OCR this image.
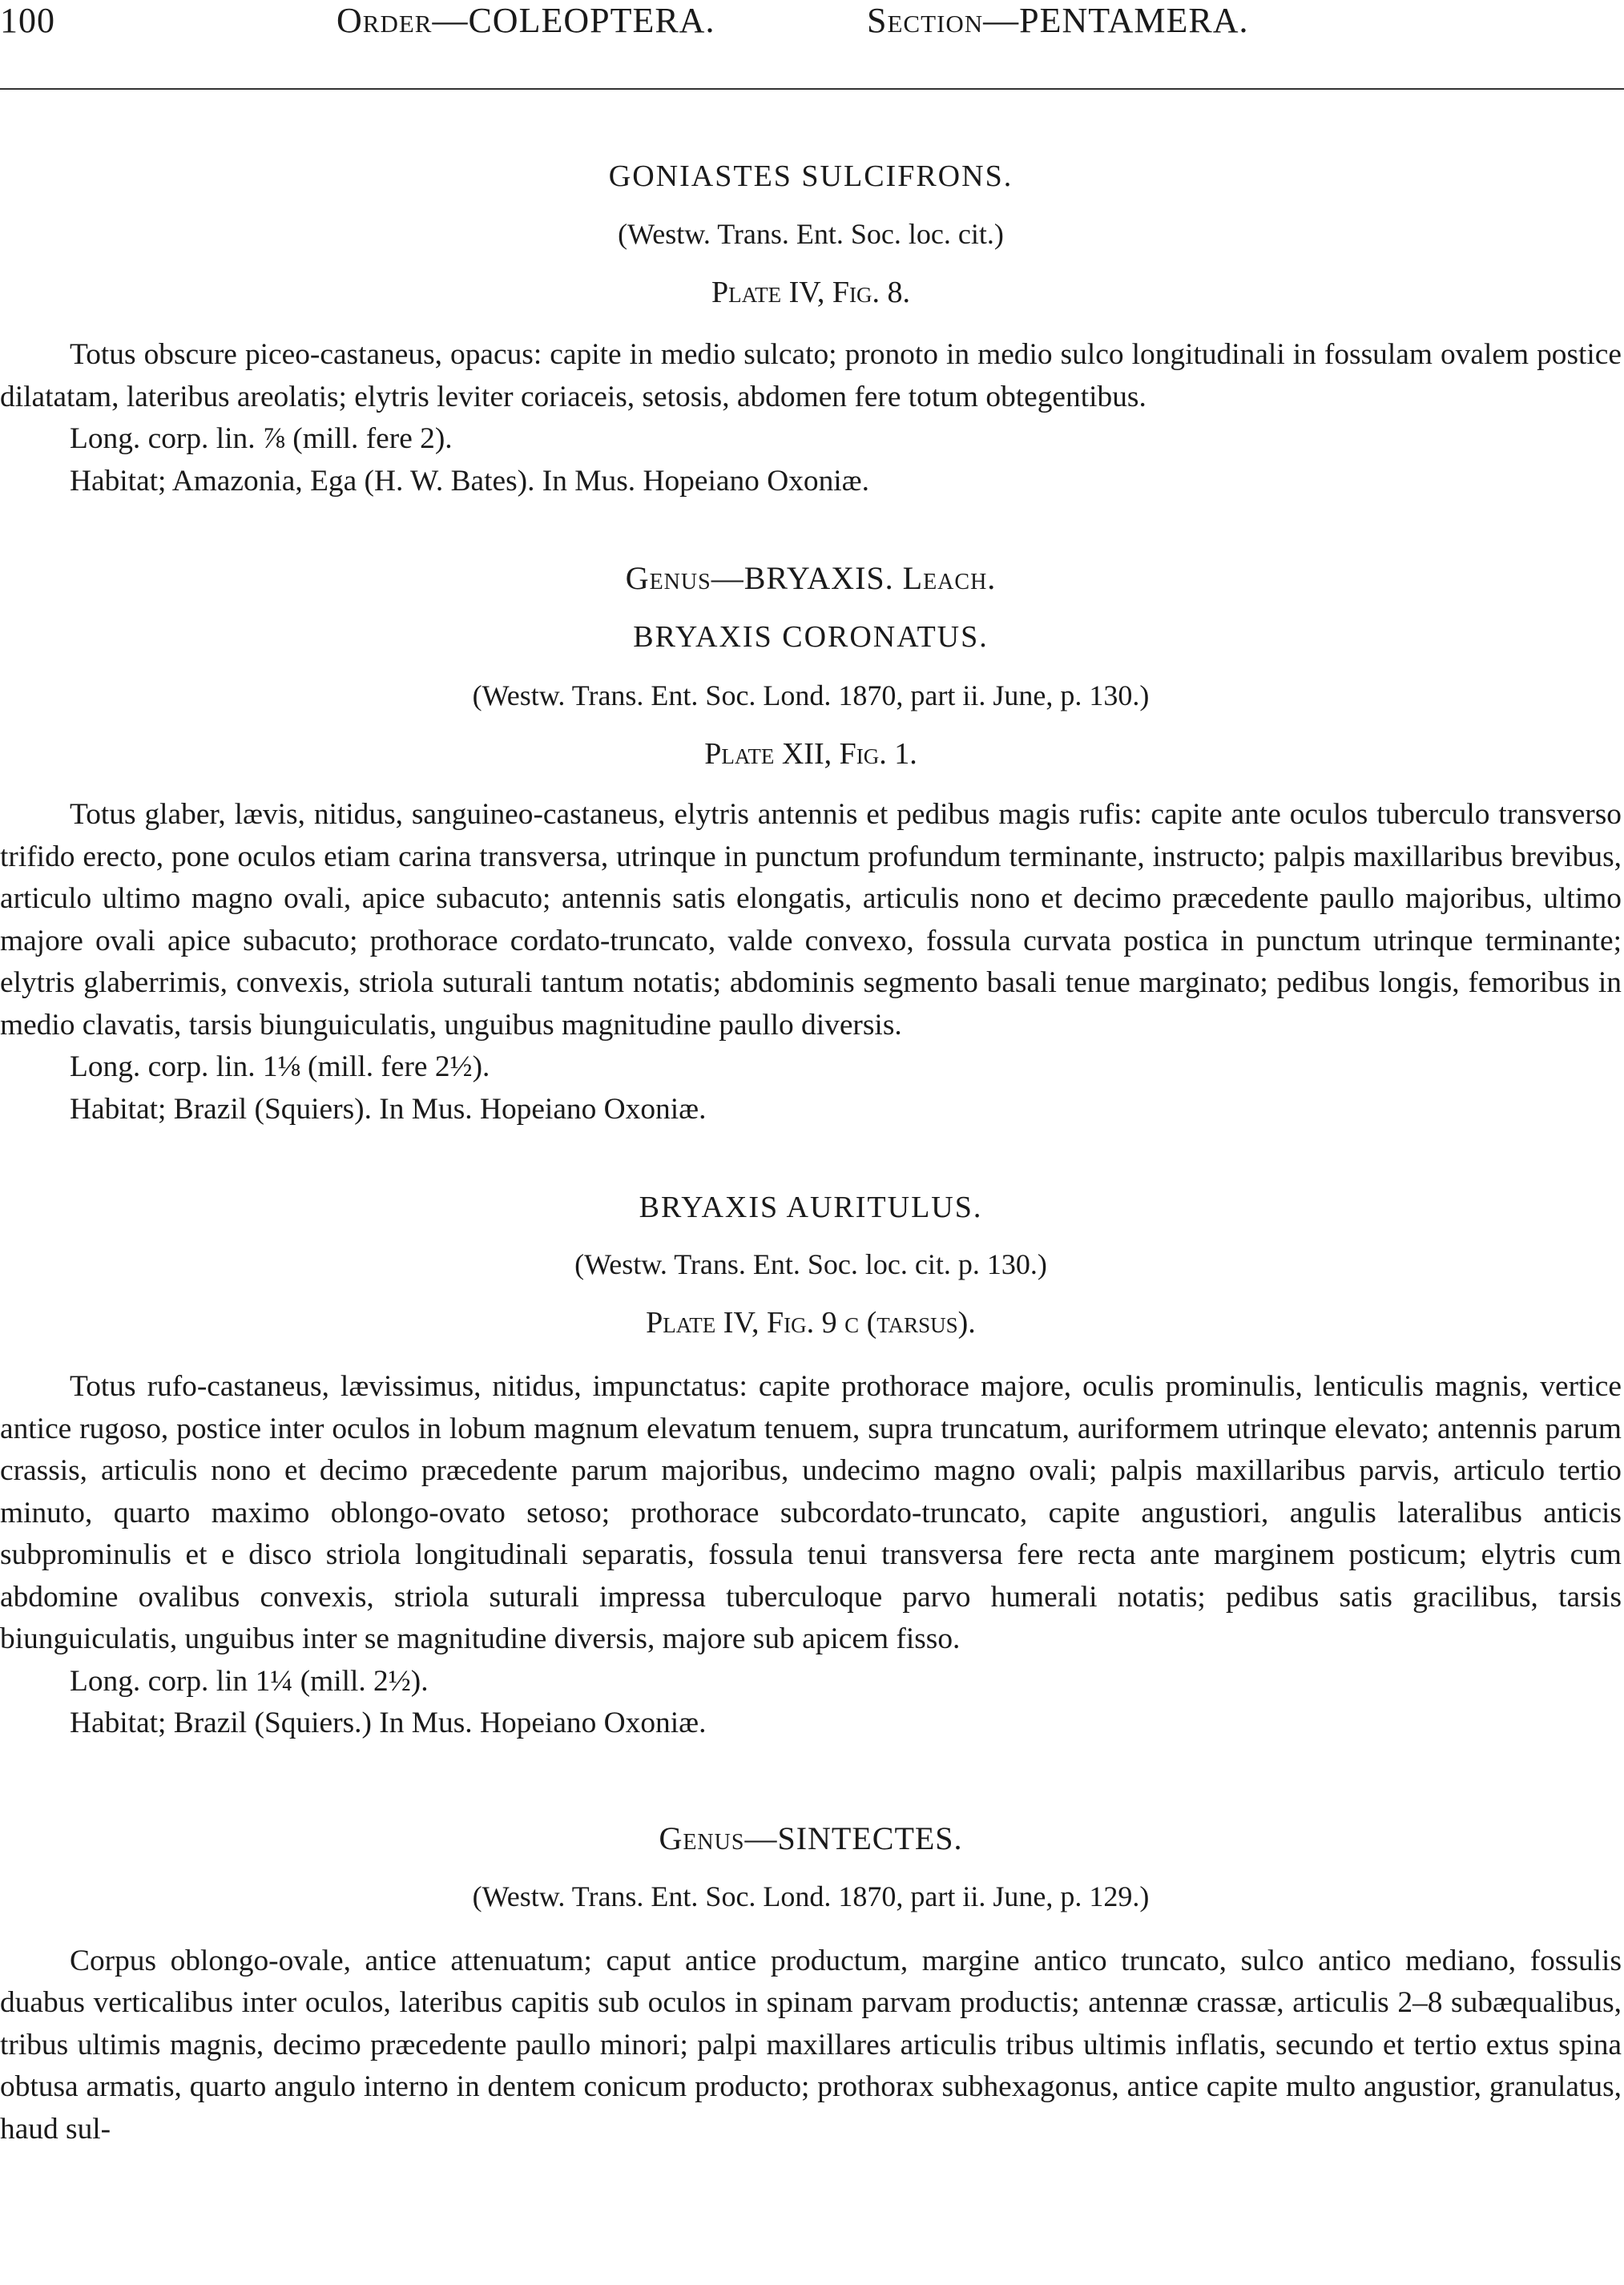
100	Order—COLEOPTERA.	Section—PENTAMERA.
GONIASTES SULCIFRONS.
(Westw. Trans. Ent. Soc. loc. cit.)
Plate IV, Fig. 8.

Totus obscure piceo-castaneus, opacus: capite in medio sulcato; pronoto in medio sulco longitudinali in fossulam ovalem postice dilatatam, lateribus areolatis; elytris leviter coriaceis, setosis, abdomen fere totum obtegentibus.

Long. corp. lin. ⅞ (mill. fere 2).
Habitat; Amazonia, Ega (H. W. Bates). In Mus. Hopeiano Oxoniæ.
Genus—BRYAXIS. Leach.
BRYAXIS CORONATUS.
(Westw. Trans. Ent. Soc. Lond. 1870, part ii. June, p. 130.)
Plate XII, Fig. 1.

Totus glaber, lævis, nitidus, sanguineo-castaneus, elytris antennis et pedibus magis rufis: capite ante oculos tuberculo transverso trifido erecto, pone oculos etiam carina transversa, utrinque in punctum profundum terminante, instructo; palpis maxillaribus brevibus, articulo ultimo magno ovali, apice subacuto; antennis satis elongatis, articulis nono et decimo præcedente paullo majoribus, ultimo majore ovali apice subacuto; prothorace cordato-truncato, valde convexo, fossula curvata postica in punctum utrinque terminante; elytris glaberrimis, convexis, striola suturali tantum notatis; abdominis segmento basali tenue marginato; pedibus longis, femoribus in medio clavatis, tarsis biunguiculatis, unguibus magnitudine paullo diversis.

Long. corp. lin. 1⅛ (mill. fere 2½).
Habitat; Brazil (Squiers). In Mus. Hopeiano Oxoniæ.
BRYAXIS AURITULUS.
(Westw. Trans. Ent. Soc. loc. cit. p. 130.)
Plate IV, Fig. 9 c (tarsus).

Totus rufo-castaneus, lævissimus, nitidus, impunctatus: capite prothorace majore, oculis prominulis, lenticulis magnis, vertice antice rugoso, postice inter oculos in lobum magnum elevatum tenuem, supra truncatum, auriformem utrinque elevato; antennis parum crassis, articulis nono et decimo præcedente parum majoribus, undecimo magno ovali; palpis maxillaribus parvis, articulo tertio minuto, quarto maximo oblongo-ovato setoso; prothorace subcordato-truncato, capite angustiori, angulis lateralibus anticis subprominulis et e disco striola longitudinali separatis, fossula tenui transversa fere recta ante marginem posticum; elytris cum abdomine ovalibus convexis, striola suturali impressa tuberculoque parvo humerali notatis; pedibus satis gracilibus, tarsis biunguiculatis, unguibus inter se magnitudine diversis, majore sub apicem fisso.

Long. corp. lin 1¼ (mill. 2½).
Habitat; Brazil (Squiers.) In Mus. Hopeiano Oxoniæ.
Genus—SINTECTES.
(Westw. Trans. Ent. Soc. Lond. 1870, part ii. June, p. 129.)

Corpus oblongo-ovale, antice attenuatum; caput antice productum, margine antico truncato, sulco antico mediano, fossulis duabus verticalibus inter oculos, lateribus capitis sub oculos in spinam parvam productis; antennæ crassæ, articulis 2–8 subæqualibus, tribus ultimis magnis, decimo præcedente paullo minori; palpi maxillares articulis tribus ultimis inflatis, secundo et tertio extus spina obtusa armatis, quarto angulo interno in dentem conicum producto; prothorax subhexagonus, antice capite multo angustior, granulatus, haud sul-
